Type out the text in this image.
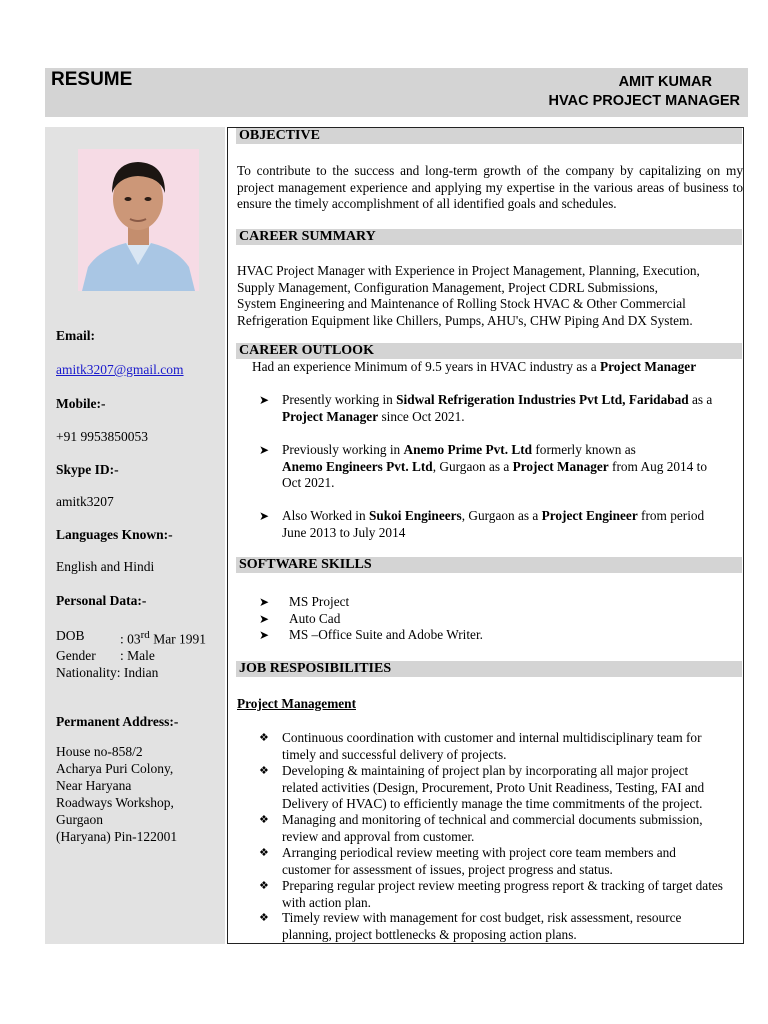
RESUME	AMIT KUMAR
HVAC PROJECT MANAGER
Email:
amitk3207@gmail.com
Mobile:-
+91 9953850053
Skype ID:-
amitk3207
Languages Known:-
English and Hindi
Personal Data:-
DOB	: 03rd Mar 1991
Gender	: Male
Nationality: Indian
Permanent Address:-
House no-858/2
Acharya Puri Colony,
Near Haryana
Roadways Workshop,
Gurgaon
(Haryana) Pin-122001
OBJECTIVE
To contribute to the success and long-term growth of the company by capitalizing on my project management experience and applying my expertise in the various areas of business to ensure the timely accomplishment of all identified goals and schedules.
CAREER SUMMARY
HVAC Project Manager with Experience in Project Management, Planning, Execution,
Supply Management, Configuration Management, Project CDRL Submissions,
System Engineering and Maintenance of Rolling Stock HVAC & Other Commercial
Refrigeration Equipment like Chillers, Pumps, AHU's, CHW Piping And DX System.
CAREER OUTLOOK
Had an experience Minimum of 9.5 years in HVAC industry as a Project Manager
➤ Presently working in Sidwal Refrigeration Industries Pvt Ltd, Faridabad as a
Project Manager since Oct 2021.
➤ Previously working in Anemo Prime Pvt. Ltd formerly known as
Anemo Engineers Pvt. Ltd, Gurgaon as a Project Manager from Aug 2014 to
Oct 2021.
➤ Also Worked in Sukoi Engineers, Gurgaon as a Project Engineer from period
June 2013 to July 2014
SOFTWARE SKILLS
➤ MS Project
➤ Auto Cad
➤ MS –Office Suite and Adobe Writer.
JOB RESPOSIBILITIES
Project Management
❖ Continuous coordination with customer and internal multidisciplinary team for
timely and successful delivery of projects.
❖ Developing & maintaining of project plan by incorporating all major project
related activities (Design, Procurement, Proto Unit Readiness, Testing, FAI and
Delivery of HVAC) to efficiently manage the time commitments of the project.
❖ Managing and monitoring of technical and commercial documents submission,
review and approval from customer.
❖ Arranging periodical review meeting with project core team members and
customer for assessment of issues, project progress and status.
❖ Preparing regular project review meeting progress report & tracking of target dates
with action plan.
❖ Timely review with management for cost budget, risk assessment, resource
planning, project bottlenecks & proposing action plans.
